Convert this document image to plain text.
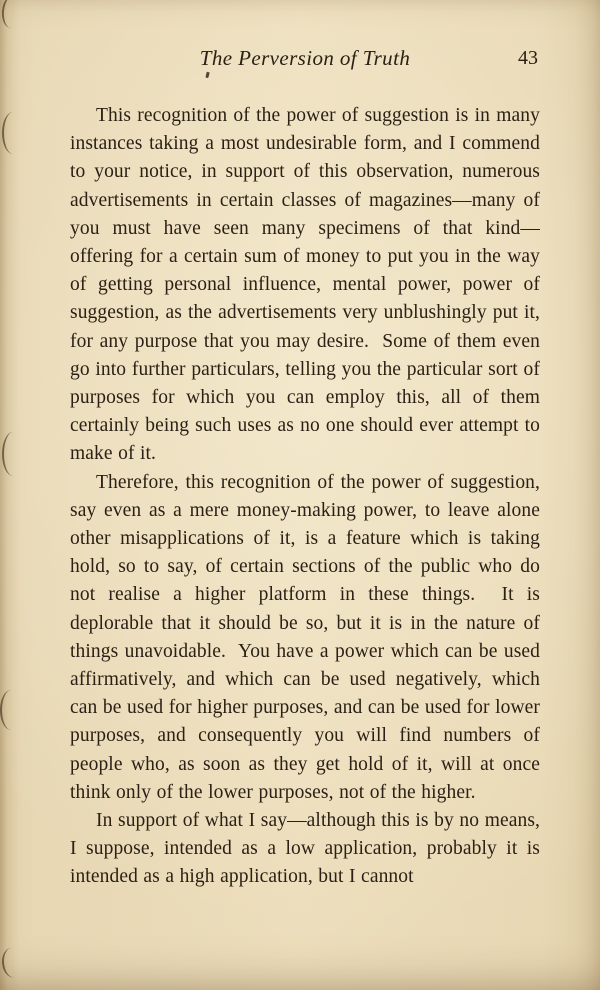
The Perversion of Truth	43

This recognition of the power of suggestion is in many instances taking a most undesirable form, and I commend to your notice, in support of this observation, numerous advertisements in certain classes of magazines—many of you must have seen many specimens of that kind—offering for a certain sum of money to put you in the way of getting personal influence, mental power, power of suggestion, as the advertisements very unblushingly put it, for any purpose that you may desire.  Some of them even go into further particulars, telling you the particular sort of purposes for which you can employ this, all of them certainly being such uses as no one should ever attempt to make of it.

Therefore, this recognition of the power of suggestion, say even as a mere money-making power, to leave alone other misapplications of it, is a feature which is taking hold, so to say, of certain sections of the public who do not realise a higher platform in these things.  It is deplorable that it should be so, but it is in the nature of things unavoidable.  You have a power which can be used affirmatively, and which can be used negatively, which can be used for higher purposes, and can be used for lower purposes, and consequently you will find numbers of people who, as soon as they get hold of it, will at once think only of the lower purposes, not of the higher.

In support of what I say—although this is by no means, I suppose, intended as a low application, probably it is intended as a high application, but I cannot
